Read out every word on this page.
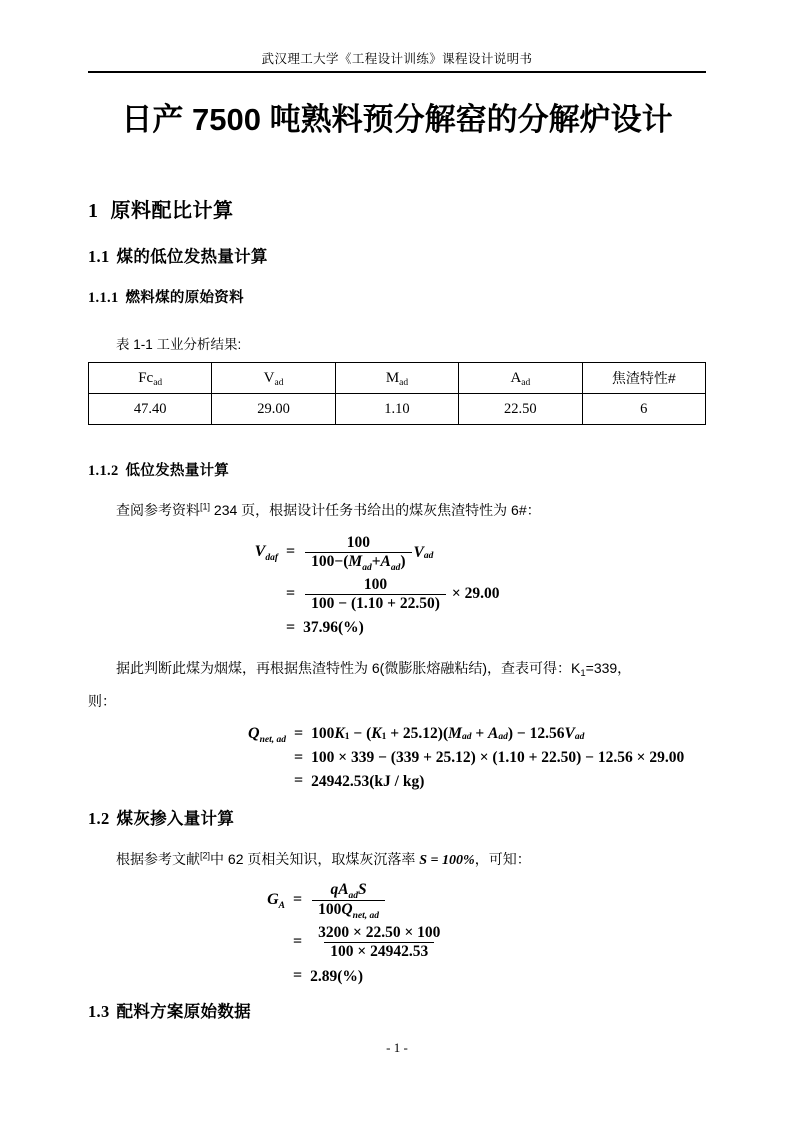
武汉理工大学《工程设计训练》课程设计说明书
日产 7500 吨熟料预分解窑的分解炉设计
1 原料配比计算
1.1 煤的低位发热量计算
1.1.1 燃料煤的原始资料
表 1-1 工业分析结果:
$Fc_{ad}$	$V_{ad}$	$M_{ad}$	$A_{ad}$	焦渣特性#
47.40	29.00	1.10	22.50	6
1.1.2 低位发热量计算

查阅参考资料[1] 234 页，根据设计任务书给出的煤灰焦渣特性为 6#：

$V_{daf} = \frac{100}{100-(M_{ad}+A_{ad})}$ V ad
= $\frac{100}{100 - (1.10 + 22.50)} \times 29.00$
= 37.96(%)

据此判断此煤为烟煤，再根据焦渣特性为 6(微膨胀熔融粘结)，查表可得：$K_1=339$，
则：

$Q_{net, ad} = 100$ K 1
−
( K 1
+
25.12 ) ( M ad
+
A ad )
−
12.56 V ad
= 100 × 339 − (339 + 25.12) × (1.10 + 22.50) − 12.56 × 29.00
= 24942.53(kJ / kg)
1.2 煤灰掺入量计算

根据参考文献[2]中 62 页相关知识，取煤灰沉落率 S = 100%，可知：

$G_A = \frac{qA_{ad}S}{100Q_{net, ad}}$
= $\frac{3200 \times 22.50 \times 100}{100 \times 24942.53}$
= 2.89(%)
1.3 配料方案原始数据
- 1 -
